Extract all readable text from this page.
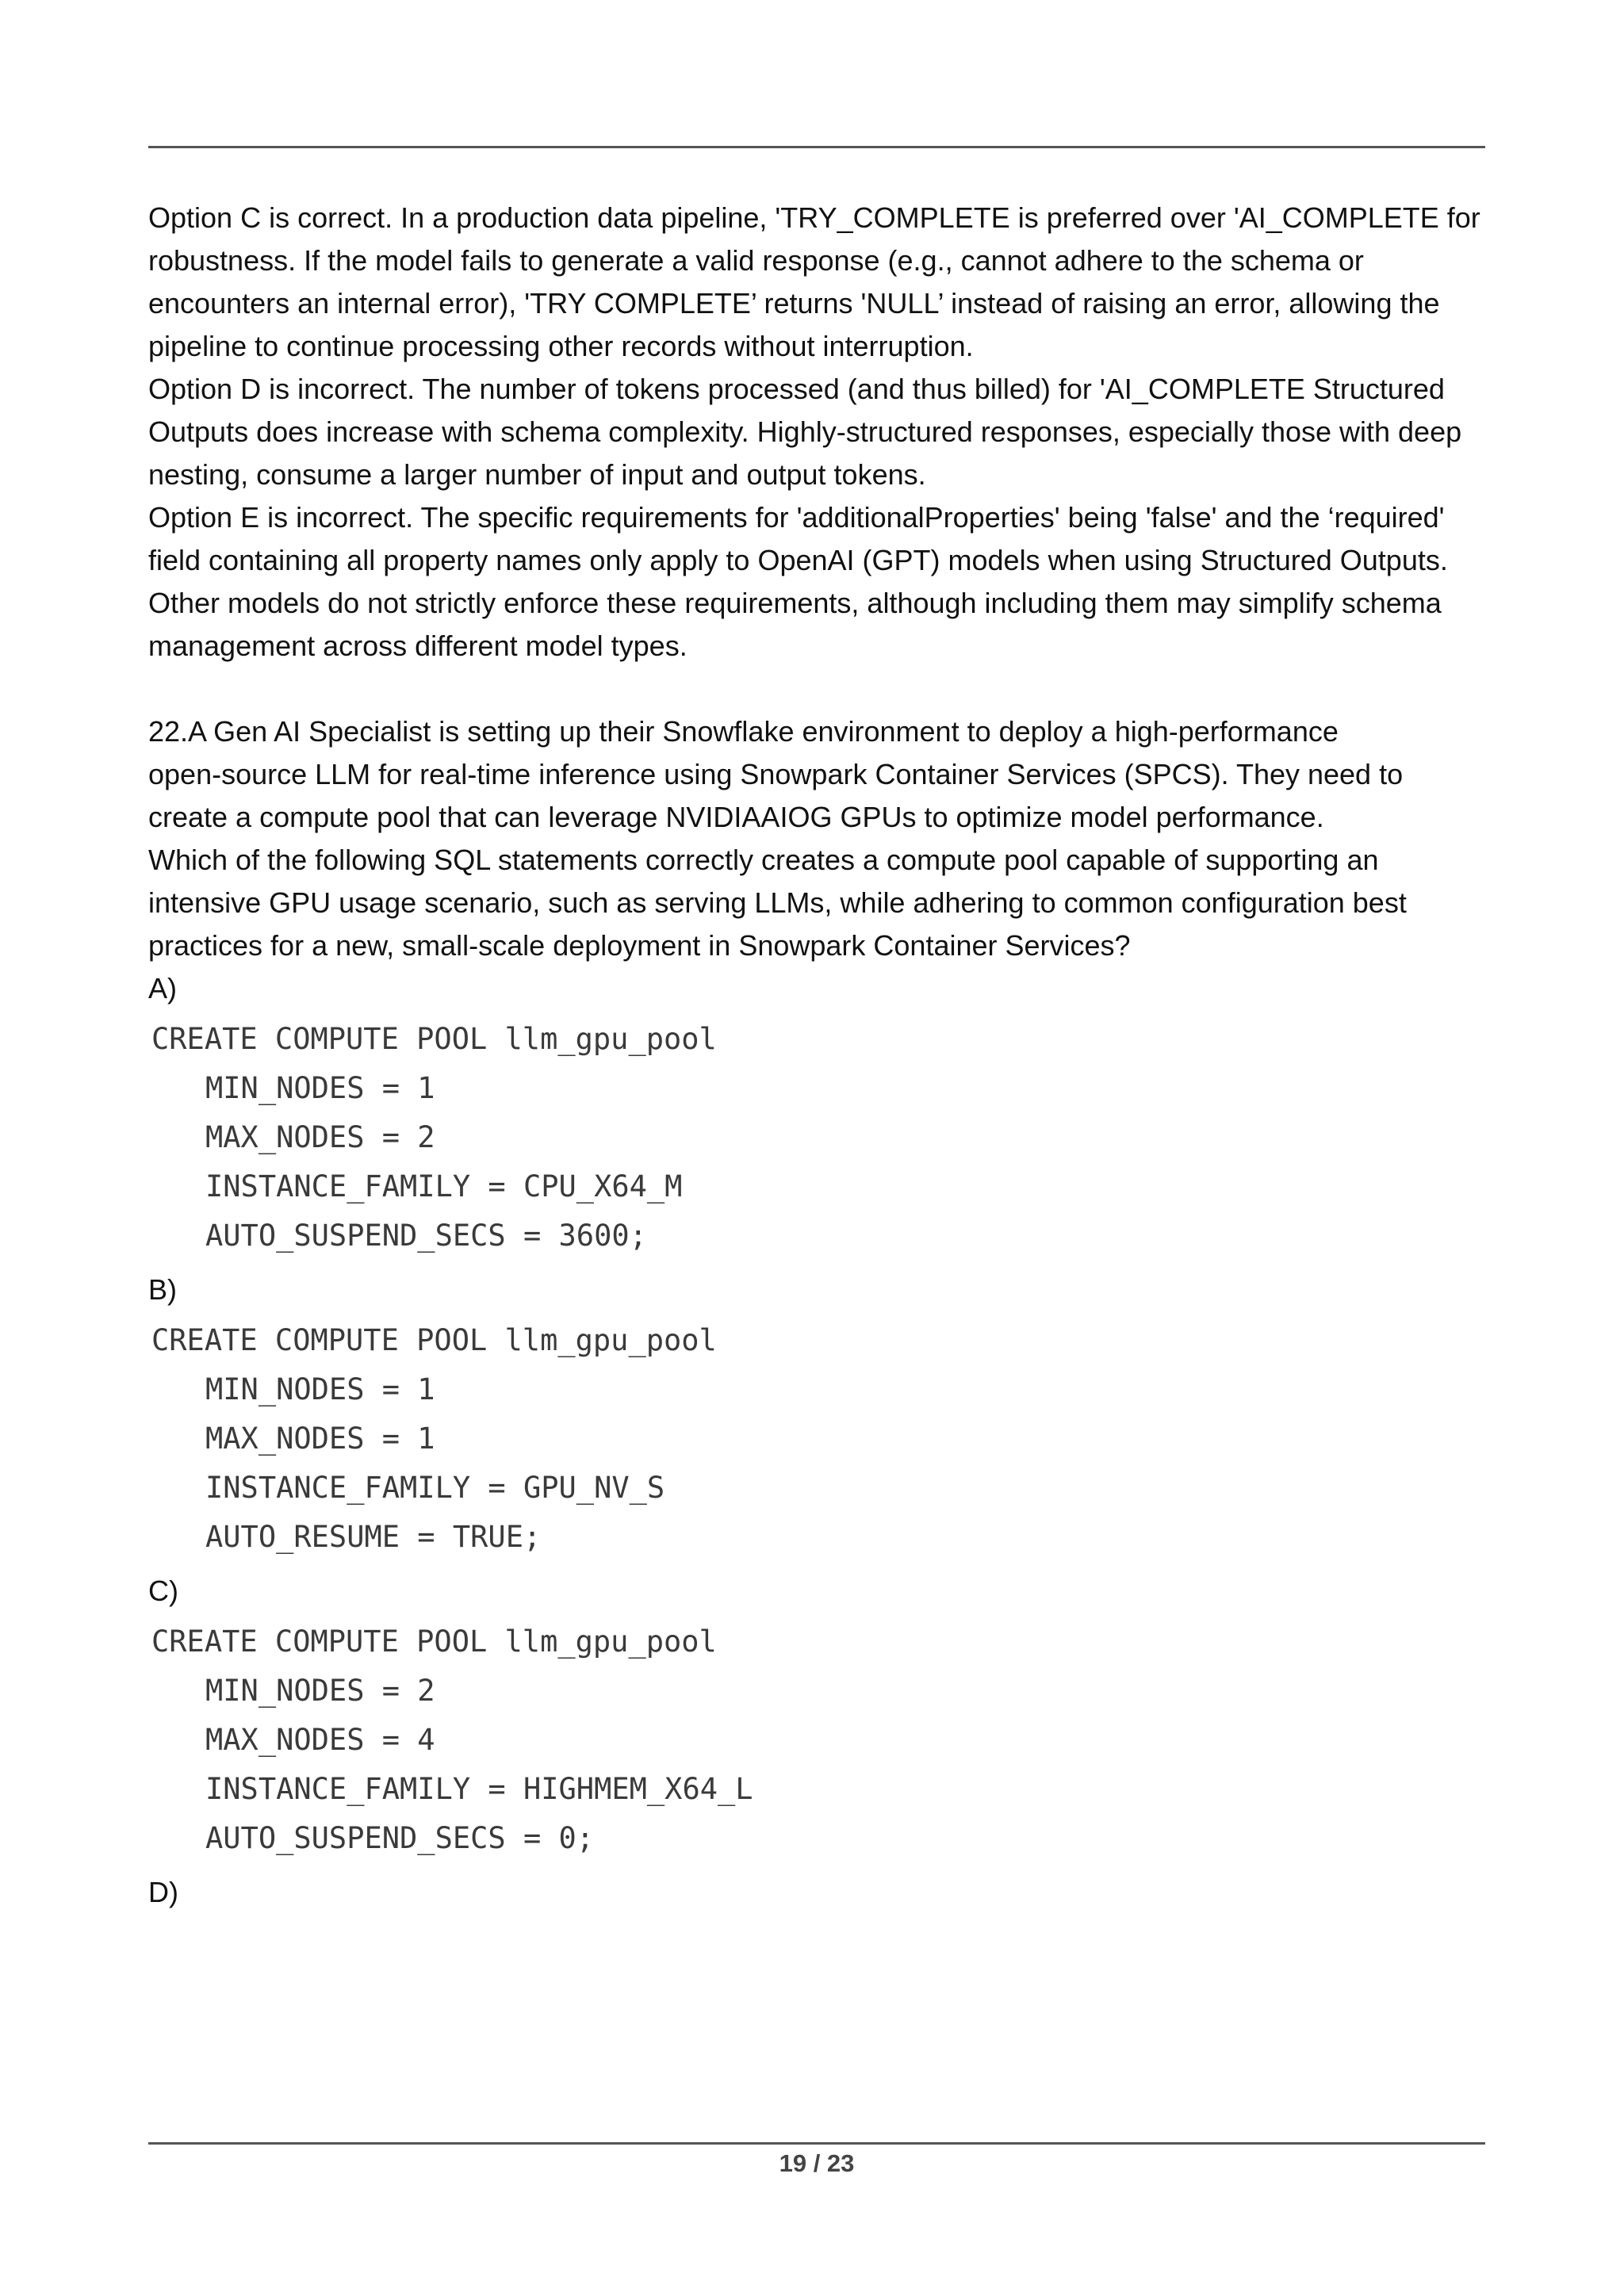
Option C is correct. In a production data pipeline, 'TRY_COMPLETE is preferred over 'AI_COMPLETE for
robustness. If the model fails to generate a valid response (e.g., cannot adhere to the schema or
encounters an internal error), 'TRY COMPLETE’ returns 'NULL’ instead of raising an error, allowing the
pipeline to continue processing other records without interruption.
Option D is incorrect. The number of tokens processed (and thus billed) for 'AI_COMPLETE Structured
Outputs does increase with schema complexity. Highly-structured responses, especially those with deep
nesting, consume a larger number of input and output tokens.
Option E is incorrect. The specific requirements for 'additionalProperties' being 'false' and the ‘required'
field containing all property names only apply to OpenAI (GPT) models when using Structured Outputs.
Other models do not strictly enforce these requirements, although including them may simplify schema
management across different model types.

22.A Gen AI Specialist is setting up their Snowflake environment to deploy a high-performance
open-source LLM for real-time inference using Snowpark Container Services (SPCS). They need to
create a compute pool that can leverage NVIDIAAIOG GPUs to optimize model performance.
Which of the following SQL statements correctly creates a compute pool capable of supporting an
intensive GPU usage scenario, such as serving LLMs, while adhering to common configuration best
practices for a new, small-scale deployment in Snowpark Container Services?

A)

CREATE COMPUTE POOL llm_gpu_pool
MIN_NODES = 1
MAX_NODES = 2
INSTANCE_FAMILY = CPU_X64_M
AUTO_SUSPEND_SECS = 3600;

B)

CREATE COMPUTE POOL llm_gpu_pool
MIN_NODES = 1
MAX_NODES = 1
INSTANCE_FAMILY = GPU_NV_S
AUTO_RESUME = TRUE;

C)

CREATE COMPUTE POOL llm_gpu_pool
MIN_NODES = 2
MAX_NODES = 4
INSTANCE_FAMILY = HIGHMEM_X64_L
AUTO_SUSPEND_SECS = 0;

D)

19 / 23
